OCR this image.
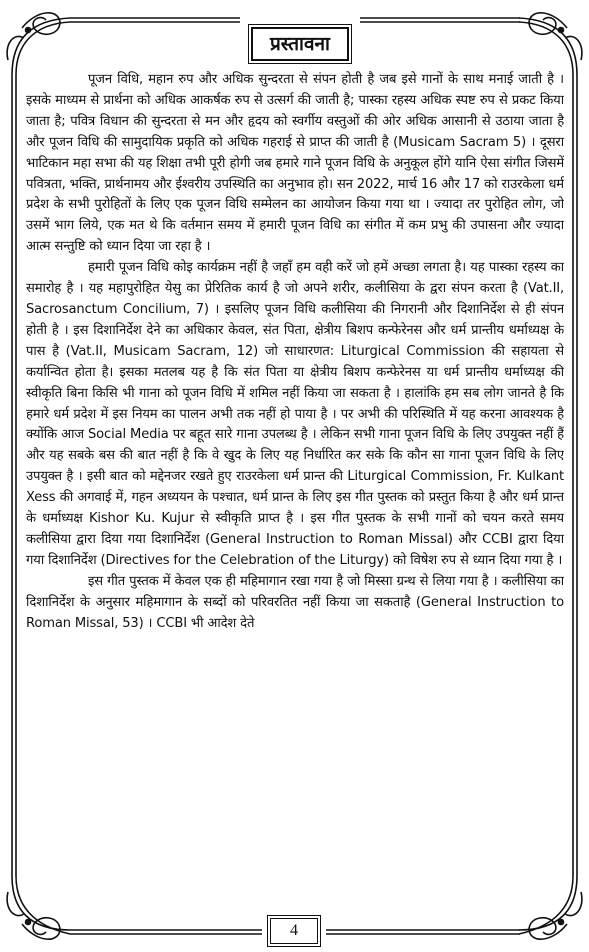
प्रस्तावना

पूजन विधि, महान रुप और अधिक सुन्दरता से संपन होती है जब इसे गानों के साथ मनाई जाती है । इसके माध्यम से प्रार्थना को अधिक आकर्षक रुप से उत्सर्ग की जाती है; पास्का रहस्य अधिक स्पष्ट रुप से प्रकट किया जाता है; पवित्र विधान की सुन्दरता से मन और हृदय को स्वर्गीय वस्तुओं की ओर अधिक आसानी से उठाया जाता है और पूजन विधि की सामुदायिक प्रकृति को अधिक गहराई से प्राप्त की जाती है (Musicam Sacram 5) । दूसरा भाटिकान महा सभा की यह शिक्षा तभी पूरी होगी जब हमारे गाने पूजन विधि के अनुकूल होंगे यानि ऐसा संगीत जिसमें पवित्रता, भक्ति, प्रार्थनामय और ईश्वरीय उपस्थिति का अनुभाव हो। सन 2022, मार्च 16 और 17 को राउरकेला धर्म प्रदेश के सभी पुरोहितों के लिए एक पूजन विधि सम्मेलन का आयोजन किया गया था । ज्यादा तर पुरोहित लोग, जो उसमें भाग लिये, एक मत थे कि वर्तमान समय में हमारी पूजन विधि का संगीत में कम प्रभु की उपासना और ज्यादा आत्म सन्तुष्टि को ध्यान दिया जा रहा है ।

हमारी पूजन विधि कोइ कार्यक्रम नहीं है जहाँ हम वही करें जो हमें अच्छा लगता है। यह पास्का रहस्य का समारोह है । यह महापुरोहित येसु का प्रेरितिक कार्य है जो अपने शरीर, कलीसिया के द्वरा संपन करता है (Vat.II, Sacrosanctum Concilium, 7) । इसलिए पूजन विधि कलीसिया की निगरानी और दिशानिर्देश से ही संपन होती है । इस दिशानिर्देश देने का अधिकार केवल, संत पिता, क्षेत्रीय बिशप कन्फेरेनस और धर्म प्रान्तीय धर्माध्यक्ष के पास है (Vat.II, Musicam Sacram, 12) जो साधारणत: Liturgical Commission की सहायता से कर्यान्वित होता है। इसका मतलब यह है कि संत पिता या क्षेत्रीय बिशप कन्फेरेनस या धर्म प्रान्तीय धर्माध्यक्ष की स्वीकृति बिना किसि भी गाना को पूजन विधि में शमिल नहीं किया जा सकता है । हालांकि हम सब लोग जानते है कि हमारे धर्म प्रदेश में इस नियम का पालन अभी तक नहीं हो पाया है । पर अभी की परिस्थिति में यह करना आवश्यक है क्योंकि आज Social Media पर बहूत सारे गाना उपलब्ध है । लेकिन सभी गाना पूजन विधि के लिए उपयुक्त नहीं हैं और यह सबके बस की बात नहीं है कि वे खुद के लिए यह निर्धारित कर सके कि कौन सा गाना पूजन विधि के लिए उपयुक्त है । इसी बात को मद्देनजर रखते हुए राउरकेला धर्म प्रान्त की Liturgical Commission, Fr. Kulkant Xess की अगवाई में, गहन अध्ययन के पश्चात, धर्म प्रान्त के लिए इस गीत पुस्तक को प्रस्तुत किया है और धर्म प्रान्त के धर्माध्यक्ष Kishor Ku. Kujur से स्वीकृति प्राप्त है । इस गीत पुस्तक के सभी गानों को चयन करते समय कलीसिया द्वारा दिया गया दिशानिर्देश (General Instruction to Roman Missal) और CCBI द्वारा दिया गया दिशानिर्देश (Directives for the Celebration of the Liturgy) को विषेश रुप से ध्यान दिया गया है ।

इस गीत पुस्तक में केवल एक ही महिमागान रखा गया है जो मिस्सा ग्रन्थ से लिया गया है । कलीसिया का दिशानिर्देश के अनुसार महिमागान के सब्दों को परिवरतित नहीं किया जा सकताहै (General Instruction to Roman Missal, 53) । CCBI भी आदेश देते

4
